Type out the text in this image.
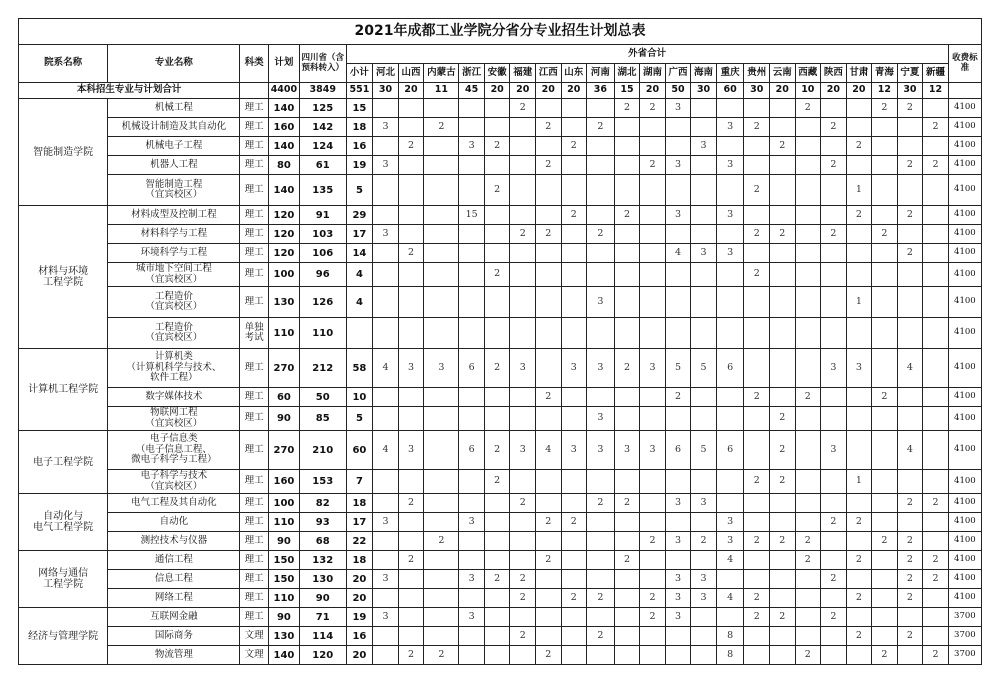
2021年成都工业学院分省分专业招生计划总表																												
院系名称	专业名称	科类	计划	四川省（含预科转入）	外省合计																							收费标准
					小计	河北	山西	内蒙古	浙江	安徽	福建	江西	山东	河南	湖北	湖南	广西	海南	重庆	贵州	云南	西藏	陕西	甘肃	青海	宁夏	新疆	
本科招生专业与计划合计			4400	3849	551	30	20	11	45	20	20	20	20	36	15	20	50	30	60	30	20	10	20	20	12	30	12	
智能制造学院	机械工程	理工	140	125	15						2				2	2	3					2			2	2		4100
	机械设计制造及其自动化	理工	160	142	18	3		2				2		2					3	2			2				2	4100
	机械电子工程	理工	140	124	16		2		3	2			2					3			2			2				4100
	机器人工程	理工	80	61	19	3						2				2	3		3				2			2	2	4100
	智能制造工程
（宜宾校区）	理工	140	135	5					2										2				1				4100
材料与环境
工程学院	材料成型及控制工程	理工	120	91	29				15				2		2		3		3					2		2		4100
	材料科学与工程	理工	120	103	17	3					2	2		2						2	2		2		2			4100
	环境科学与工程	理工	120	106	14		2										4	3	3							2		4100
	城市地下空间工程
（宜宾校区）	理工	100	96	4					2										2								4100
	工程造价
（宜宾校区）	理工	130	126	4									3										1				4100
	工程造价
（宜宾校区）	单独
考试	110	110																								4100
计算机工程学院	计算机类
（计算机科学与技术、
软件工程）	理工	270	212	58	4	3	3	6	2	3		3	3	2	3	5	5	6				3	3		4		4100
	数字媒体技术	理工	60	50	10							2					2			2		2			2			4100
	物联网工程
（宜宾校区）	理工	90	85	5									3							2							4100
电子工程学院	电子信息类
（电子信息工程、
微电子科学与工程）	理工	270	210	60	4	3		6	2	3	4	3	3	3	3	6	5	6		2		3			4		4100
	电子科学与技术
（宜宾校区）	理工	160	153	7					2										2	2			1				4100
自动化与
电气工程学院	电气工程及其自动化	理工	100	82	18		2				2			2	2		3	3								2	2	4100
	自动化	理工	110	93	17	3			3			2	2						3				2	2				4100
	测控技术与仪器	理工	90	68	22			2								2	3	2	3	2	2	2			2	2		4100
网络与通信
工程学院	通信工程	理工	150	132	18		2					2			2				4			2		2		2	2	4100
	信息工程	理工	150	130	20	3			3	2	2						3	3					2			2	2	4100
	网络工程	理工	110	90	20						2		2	2		2	3	3	4	2				2		2		4100
经济与管理学院	互联网金融	理工	90	71	19	3			3							2	3			2	2		2					3700
	国际商务	文理	130	114	16						2			2					8					2		2		3700
	物流管理	文理	140	120	20		2	2				2							8			2			2		2	3700
